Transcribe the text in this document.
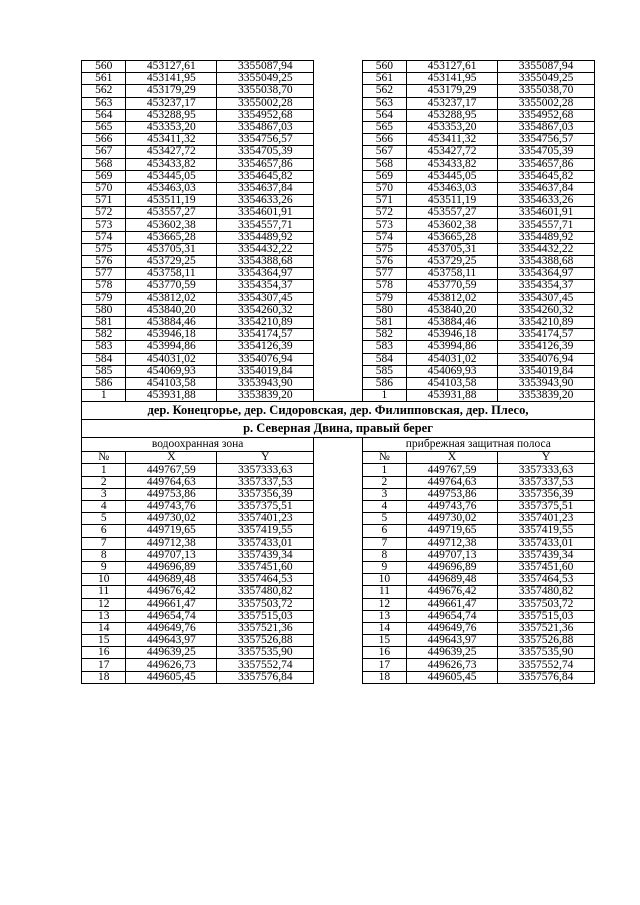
560	453127,61	3355087,94		560	453127,61	3355087,94
561	453141,95	3355049,25		561	453141,95	3355049,25
562	453179,29	3355038,70		562	453179,29	3355038,70
563	453237,17	3355002,28		563	453237,17	3355002,28
564	453288,95	3354952,68		564	453288,95	3354952,68
565	453353,20	3354867,03		565	453353,20	3354867,03
566	453411,32	3354756,57		566	453411,32	3354756,57
567	453427,72	3354705,39		567	453427,72	3354705,39
568	453433,82	3354657,86		568	453433,82	3354657,86
569	453445,05	3354645,82		569	453445,05	3354645,82
570	453463,03	3354637,84		570	453463,03	3354637,84
571	453511,19	3354633,26		571	453511,19	3354633,26
572	453557,27	3354601,91		572	453557,27	3354601,91
573	453602,38	3354557,71		573	453602,38	3354557,71
574	453665,28	3354489,92		574	453665,28	3354489,92
575	453705,31	3354432,22		575	453705,31	3354432,22
576	453729,25	3354388,68		576	453729,25	3354388,68
577	453758,11	3354364,97		577	453758,11	3354364,97
578	453770,59	3354354,37		578	453770,59	3354354,37
579	453812,02	3354307,45		579	453812,02	3354307,45
580	453840,20	3354260,32		580	453840,20	3354260,32
581	453884,46	3354210,89		581	453884,46	3354210,89
582	453946,18	3354174,57		582	453946,18	3354174,57
583	453994,86	3354126,39		583	453994,86	3354126,39
584	454031,02	3354076,94		584	454031,02	3354076,94
585	454069,93	3354019,84		585	454069,93	3354019,84
586	454103,58	3353943,90		586	454103,58	3353943,90
1	453931,88	3353839,20		1	453931,88	3353839,20
дер. Конецгорье, дер. Сидоровская, дер. Филипповская, дер. Плесо,						
р. Северная Двина, правый берег						
водоохранная зона				прибрежная защитная полоса		
№	X	Y		№	X	Y
1	449767,59	3357333,63		1	449767,59	3357333,63
2	449764,63	3357337,53		2	449764,63	3357337,53
3	449753,86	3357356,39		3	449753,86	3357356,39
4	449743,76	3357375,51		4	449743,76	3357375,51
5	449730,02	3357401,23		5	449730,02	3357401,23
6	449719,65	3357419,55		6	449719,65	3357419,55
7	449712,38	3357433,01		7	449712,38	3357433,01
8	449707,13	3357439,34		8	449707,13	3357439,34
9	449696,89	3357451,60		9	449696,89	3357451,60
10	449689,48	3357464,53		10	449689,48	3357464,53
11	449676,42	3357480,82		11	449676,42	3357480,82
12	449661,47	3357503,72		12	449661,47	3357503,72
13	449654,74	3357515,03		13	449654,74	3357515,03
14	449649,76	3357521,36		14	449649,76	3357521,36
15	449643,97	3357526,88		15	449643,97	3357526,88
16	449639,25	3357535,90		16	449639,25	3357535,90
17	449626,73	3357552,74		17	449626,73	3357552,74
18	449605,45	3357576,84		18	449605,45	3357576,84
